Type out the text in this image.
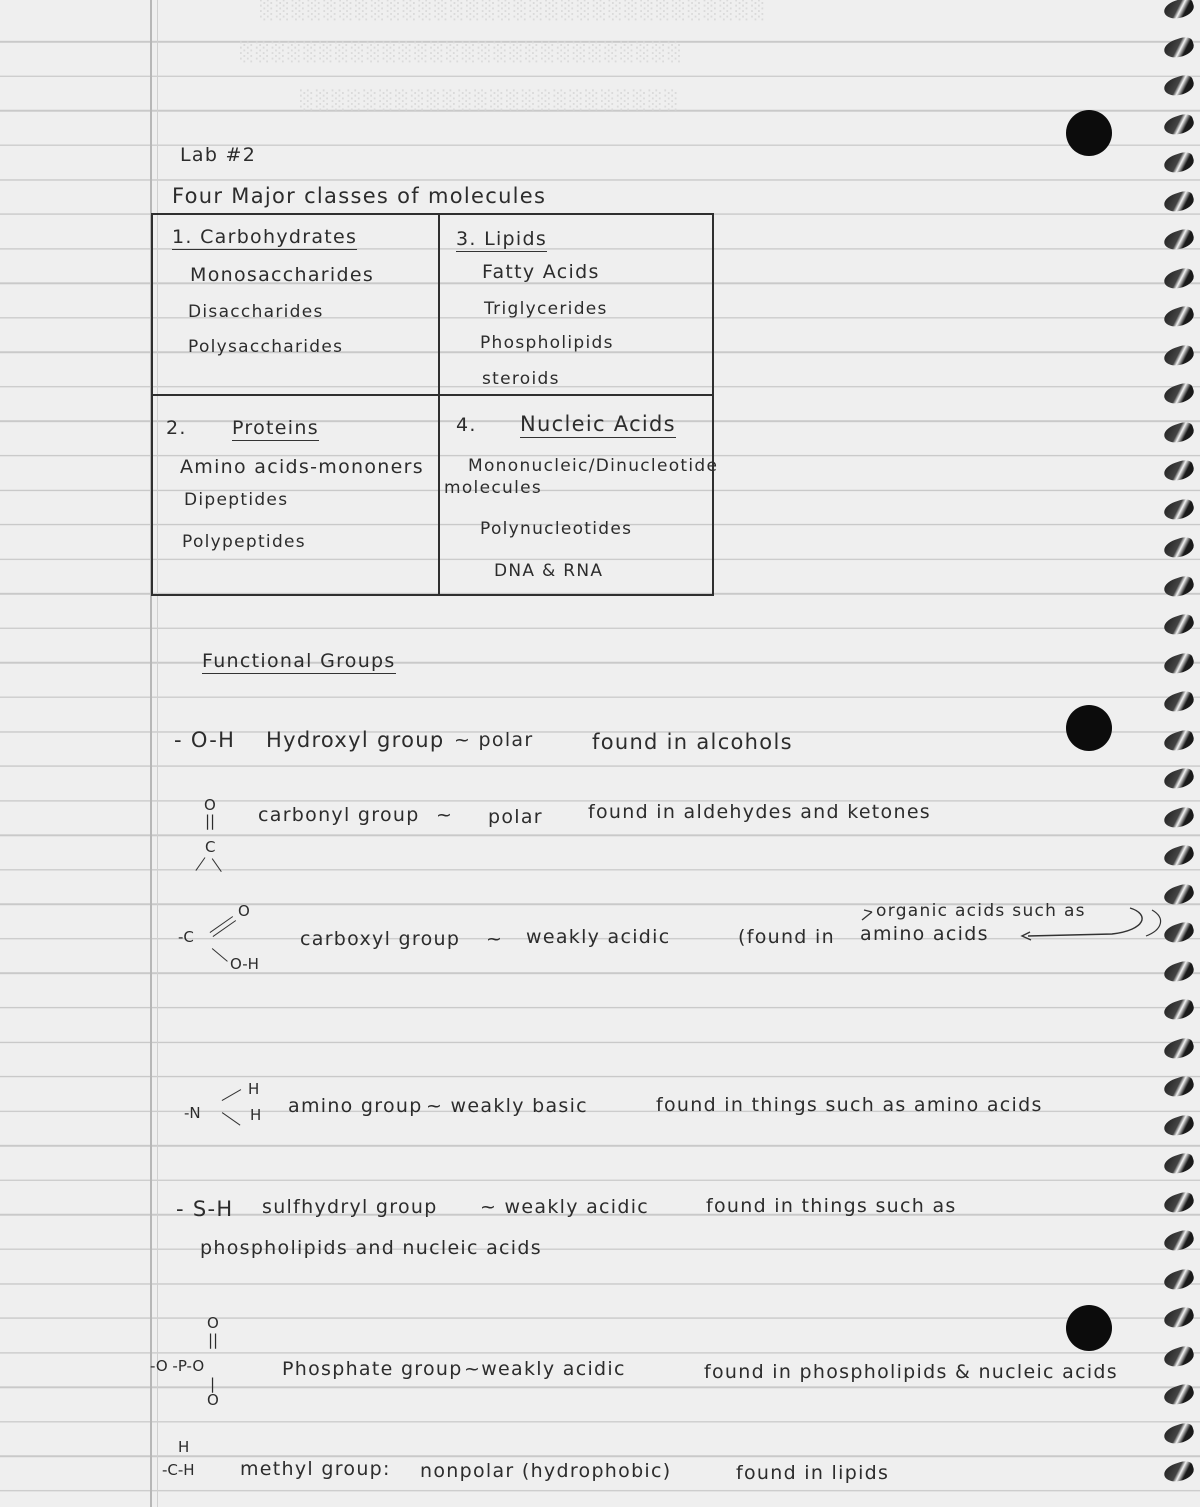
░░░░░░░░░░░░░░░░░░░░░░░░░░░░░░░░
░░░░░░░░░░░░░░░░░░░░░░░░░░░░
░░░░░░░░░░░░░░░░░░░░░░░░
Lab #2
Four Major classes of molecules
1. Carbohydrates
Monosaccharides
Disaccharides
Polysaccharides
3. Lipids
Fatty Acids
Triglycerides
Phospholipids
steroids
2. Proteins
Amino acids-mononers
Dipeptides
Polypeptides
4. Nucleic Acids
Mononucleic/Dinucleotide
molecules
Polynucleotides
DNA & RNA
Functional Groups
- O-H Hydroxyl group ~ polar	found in alcohols
O
||
C
carbonyl group ~ polar found in aldehydes and ketones
O
-C
O-H
carboxyl group ~ weakly acidic	(found in amino acids
organic acids such as
-N
H
H amino group ~ weakly basic	found in things such as amino acids
- S-H sulfhydryl group ~ weakly acidic	found in things such as
phospholipids and nucleic acids
O
||
-O -P-O
|
O
Phosphate group ~weakly acidic	found in phospholipids & nucleic acids
H
-C-H methyl group: nonpolar (hydrophobic)	found in lipids
